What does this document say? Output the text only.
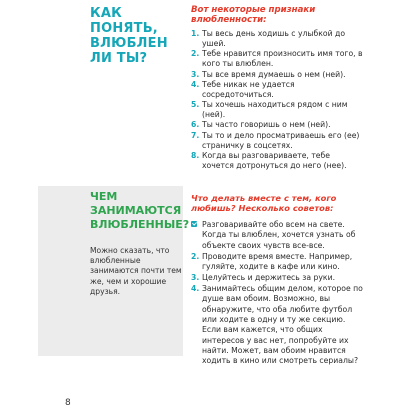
КАК ПОНЯТЬ,
ВЛЮБЛЕН
ЛИ ТЫ?
Вот некоторые признаки влюбленности:
1. Ты весь день ходишь с улыбкой до ушей.
2. Тебе нравится произносить имя того, в кого ты влюблен.
3. Ты все время думаешь о нем (ней).
4. Тебе никак не удается сосредоточиться.
5. Ты хочешь находиться рядом с ним (ней).
6. Ты часто говоришь о нем (ней).
7. Ты то и дело просматриваешь его (ее) страничку в соцсетях.
8. Когда вы разговариваете, тебе хочется дотронуться до него (нее).
ЧЕМ
ЗАНИМАЮТСЯ
ВЛЮБЛЕННЫЕ?
Можно сказать, что влюбленные занимаются почти тем же, чем и хорошие друзья.
Что делать вместе с тем, кого любишь? Несколько советов:
Разговаривайте обо всем на свете. Когда ты влюблен, хочется узнать об объекте своих чувств все-все.
2. Проводите время вместе. Например, гуляйте, ходите в кафе или кино.
3. Целуйтесь и держитесь за руки.
4. Занимайтесь общим делом, которое по душе вам обоим. Возможно, вы обнаружите, что оба любите футбол или ходите в одну и ту же секцию. Если вам кажется, что общих интересов у вас нет, попробуйте их найти. Может, вам обоим нравится ходить в кино или смотреть сериалы?
8
